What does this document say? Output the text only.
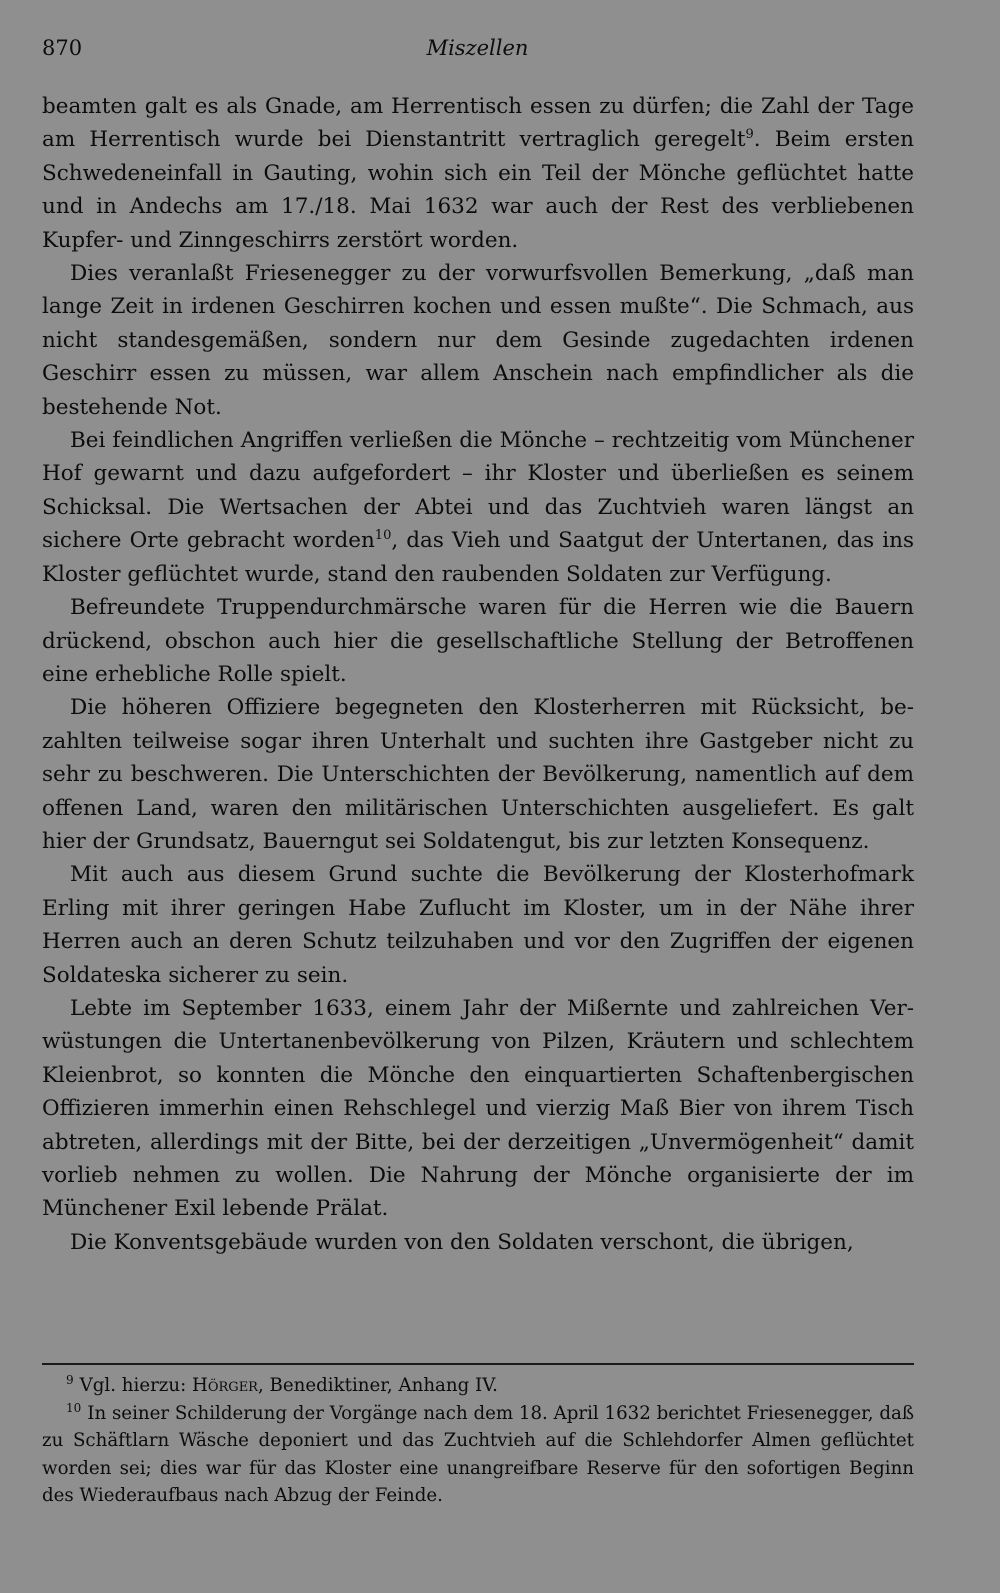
870	Miszellen

beamten galt es als Gnade, am Herrentisch essen zu dürfen; die Zahl der Tage am Herrentisch wurde bei Dienstantritt vertraglich geregelt$^9$. Beim ersten Schwedeneinfall in Gauting, wohin sich ein Teil der Mönche geflüchtet hatte und in Andechs am 17./18. Mai 1632 war auch der Rest des verbliebenen Kupfer- und Zinngeschirrs zerstört worden.

Dies veranlaßt Friesenegger zu der vorwurfsvollen Bemerkung, „daß man lange Zeit in irdenen Geschirren kochen und essen mußte“. Die Schmach, aus nicht standesgemäßen, sondern nur dem Gesinde zugedachten irdenen Geschirr essen zu müssen, war allem Anschein nach empfindlicher als die bestehende Not.

Bei feindlichen Angriffen verließen die Mönche – rechtzeitig vom Münchener Hof gewarnt und dazu aufgefordert – ihr Kloster und überließen es seinem Schicksal. Die Wertsachen der Abtei und das Zuchtvieh waren längst an sichere Orte gebracht worden$^{10}$, das Vieh und Saatgut der Untertanen, das ins Kloster geflüchtet wurde, stand den raubenden Soldaten zur Verfügung.

Befreundete Truppendurchmärsche waren für die Herren wie die Bauern drückend, obschon auch hier die gesellschaftliche Stellung der Betroffenen eine erhebliche Rolle spielt.

Die höheren Offiziere begegneten den Klosterherren mit Rücksicht, bezahlten teilweise sogar ihren Unterhalt und suchten ihre Gastgeber nicht zu sehr zu beschweren. Die Unterschichten der Bevölkerung, namentlich auf dem offenen Land, waren den militärischen Unterschichten ausgeliefert. Es galt hier der Grundsatz, Bauerngut sei Soldatengut, bis zur letzten Konsequenz.

Mit auch aus diesem Grund suchte die Bevölkerung der Klosterhofmark Erling mit ihrer geringen Habe Zuflucht im Kloster, um in der Nähe ihrer Herren auch an deren Schutz teilzuhaben und vor den Zugriffen der eigenen Soldateska sicherer zu sein.

Lebte im September 1633, einem Jahr der Mißernte und zahlreichen Verwüstungen die Untertanenbevölkerung von Pilzen, Kräutern und schlechtem Kleienbrot, so konnten die Mönche den einquartierten Schaftenbergischen Offizieren immerhin einen Rehschlegel und vierzig Maß Bier von ihrem Tisch abtreten, allerdings mit der Bitte, bei der derzeitigen „Unvermögenheit“ damit vorlieb nehmen zu wollen. Die Nahrung der Mönche organisierte der im Münchener Exil lebende Prälat.

Die Konventsgebäude wurden von den Soldaten verschont, die übrigen,

$^9$ Vgl. hierzu: Hörger, Benediktiner, Anhang IV.

$^{10}$ In seiner Schilderung der Vorgänge nach dem 18. April 1632 berichtet Friesenegger, daß zu Schäftlarn Wäsche deponiert und das Zuchtvieh auf die Schlehdorfer Almen geflüchtet worden sei; dies war für das Kloster eine unangreifbare Reserve für den sofortigen Beginn des Wiederaufbaus nach Abzug der Feinde.
